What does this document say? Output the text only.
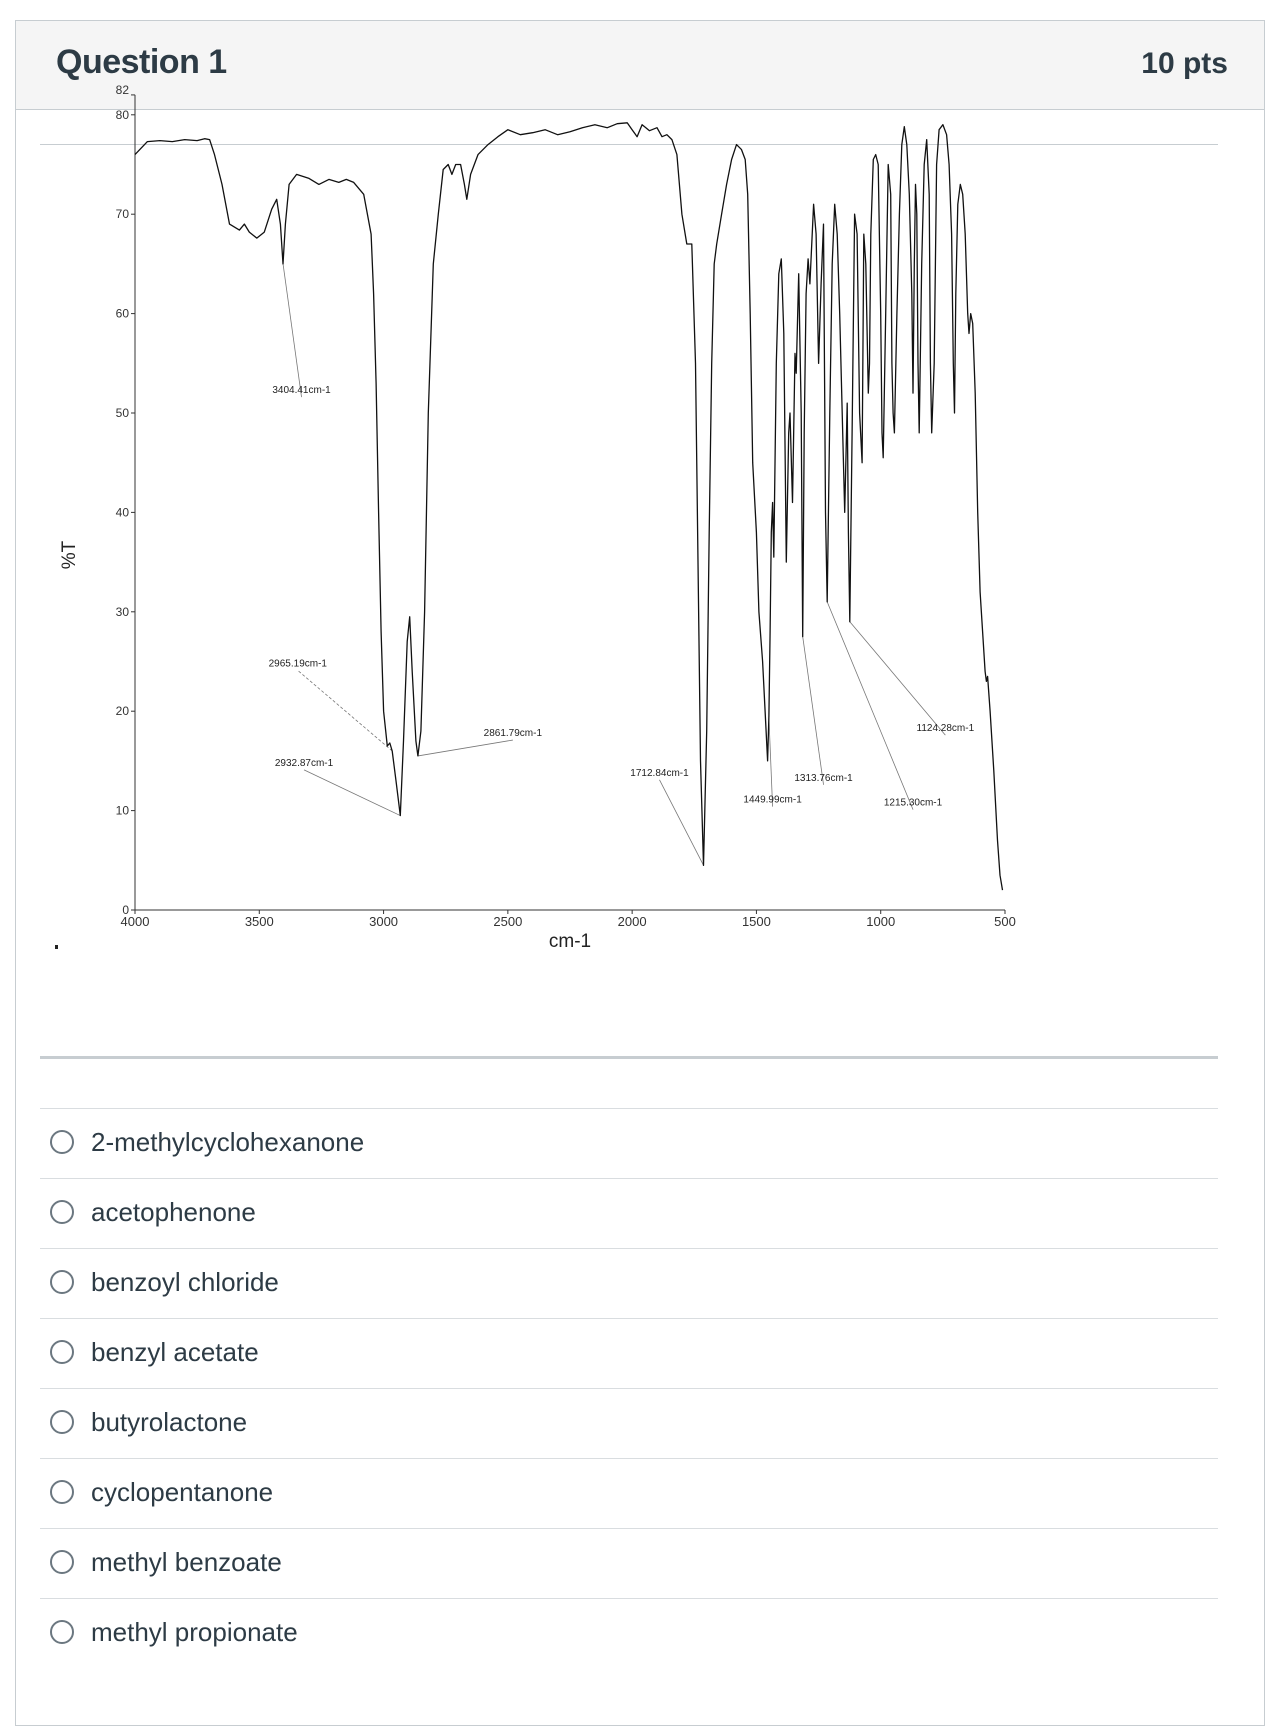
Question 1	10 pts
0
10
20
30
40
50
60
70
80
82
4000	3500	3000	2500	2000	1500	1000	500
cm-1
%T
3404.41cm-1
2965.19cm-1
2932.87cm-1
2861.79cm-1
1712.84cm-1
1449.99cm-1
1313.76cm-1
1215.30cm-1
1124.28cm-1
2-methylcyclohexanone
acetophenone
benzoyl chloride
benzyl acetate
butyrolactone
cyclopentanone
methyl benzoate
methyl propionate
